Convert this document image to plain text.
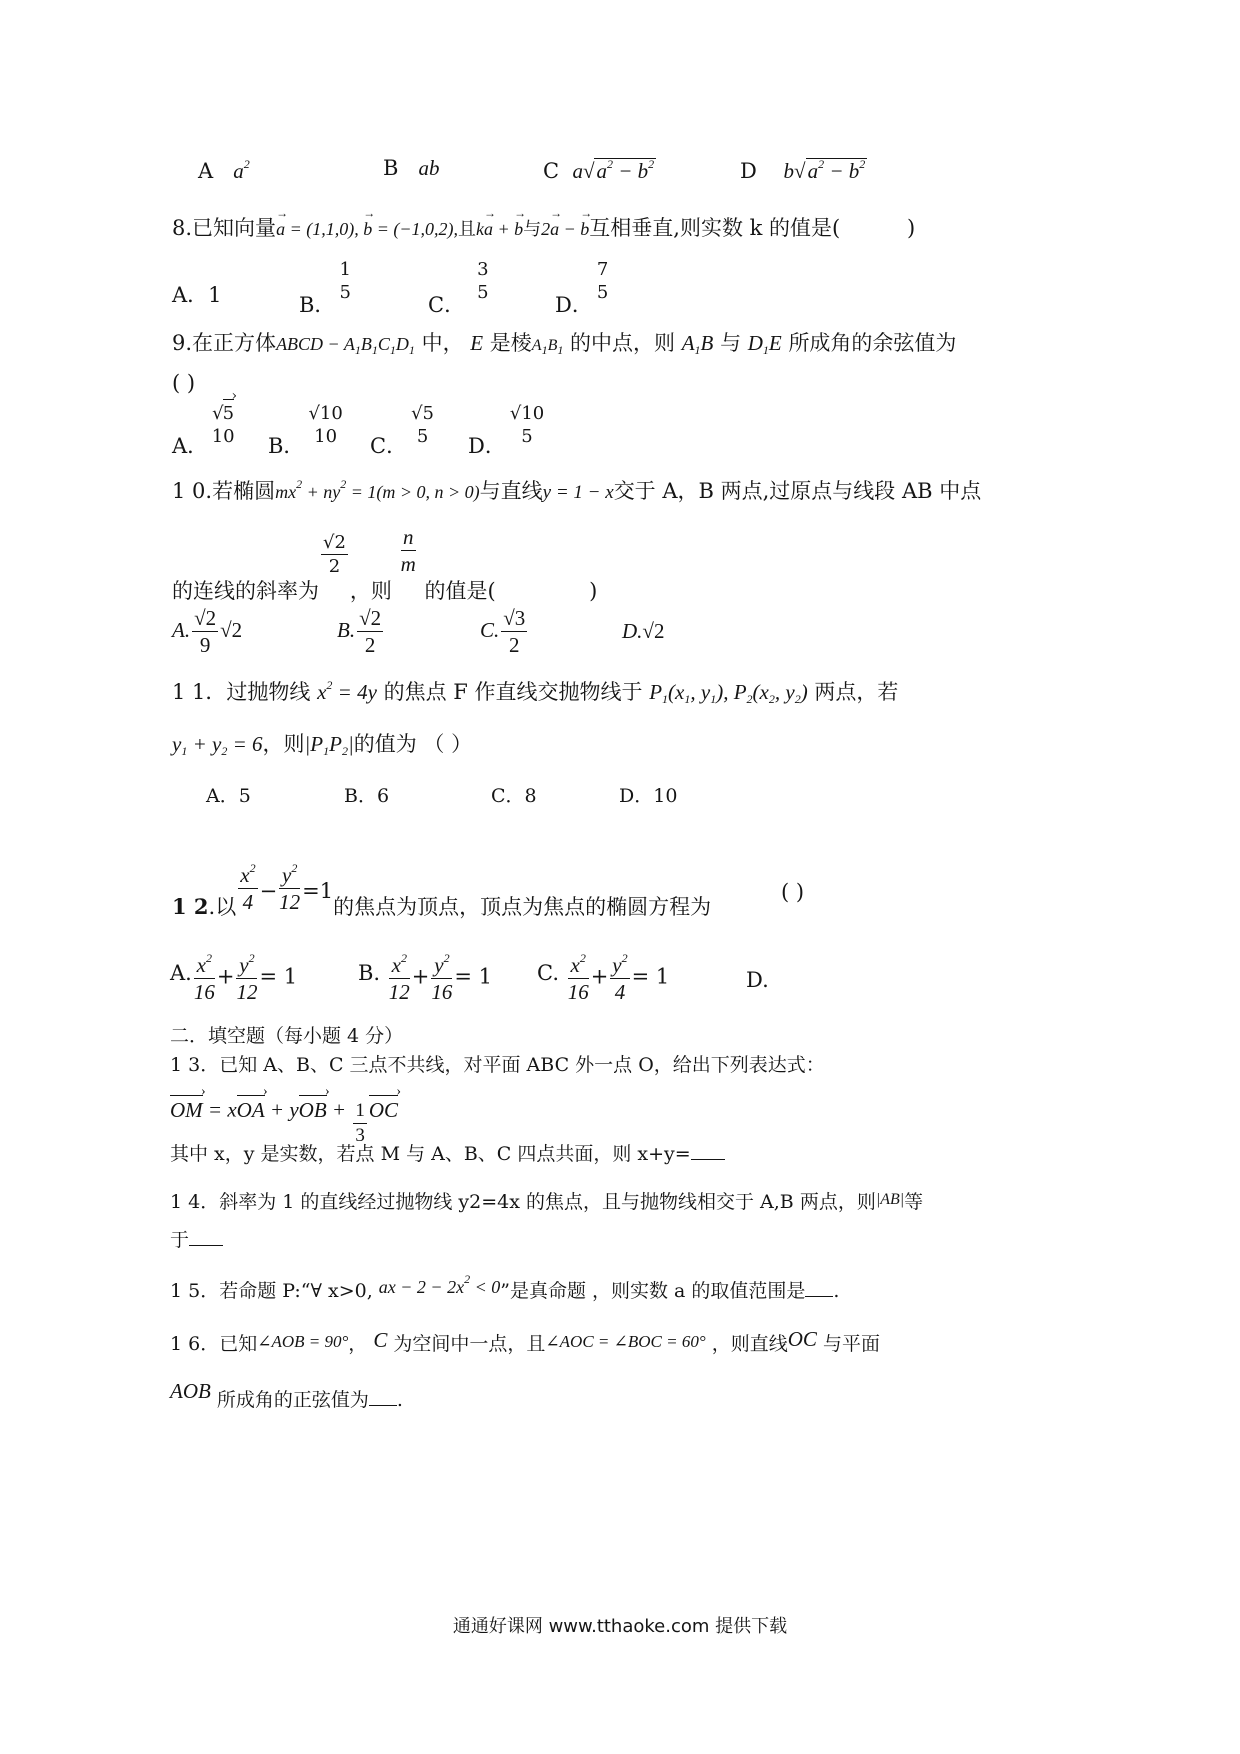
A $a^2$	B ab	C $a√a^2 - b^2$	D $b√a^2 - b^2$
8.已知向量→ a = (1,1,0), → b = (−1,0,2),且k→ a + → b与2→ a − → b互相垂直,则实数 k 的值是(	)
A．1	B．
1
5
C．
3
5
D．
7
5
9.在正方体ABCD − $A_1B_1C_1D_1$ 中， E 是棱$A_1B_1$ 的中点，则 $A_1B$ 与 $D_1E$ 所成角的余弦值为
( )
A．
√5 ›
10 B．
√10
10	C．
√5
5	D．
√10
5
1 0.若椭圆$mx^2 + ny^2 = 1(m > 0$, n > 0)与直线y = 1 − x交于 A，B 两点,过原点与线段 AB 中点
的连线的斜率为
$\frac{√2}{2}$
，则
$\frac{n}{m}$
的值是(	)
A. $\frac{√2}{9} √2$	B. $\frac{√2}{2}$	C. $\frac{√3}{2}$	D.√2
1 1．过抛物线 $x^2 = 4y$ 的焦点 F 作直线交抛物线于 $P_1(x_1$, $y_1$), $P_2(x_2$, $y_2$) 两点，若
$y_1 + y_2 = 6$，则$|P_1P_2|$的值为 （ ）
A．5	B．6	C．8	D．10
1 2.以 $\frac{x^2}{4} - \frac{y^2}{12} =1$的焦点为顶点，顶点为焦点的椭圆方程为
( )
A. $\frac{x^2}{16} + \frac{y^2}{12} = 1$	B. $\frac{x^2}{12} + \frac{y^2}{16} = 1$ C. $\frac{x^2}{16} + \frac{y^2}{4} = 1$	D.
二．填空题（每小题 4 分）
1 3．已知 A、B、C 三点不共线，对平面 ABC 外一点 O，给出下列表达式：
OM › = xOA › + yOB › + $\frac{1}{3}$ OC ›
其中 x，y 是实数，若点 M 与 A、B、C 四点共面，则 x+y=
1 4．斜率为 1 的直线经过抛物线 y2=4x 的焦点，且与抛物线相交于 A,B 两点，则$^{|AB|}$等
于
1 5．若命题 P:“∀ x>0, ax − $2 - 2x^2 < 0$”是真命题 ，则实数 a 的取值范围是 .
1 6．已知∠AOB = 90°， C 为空间中一点，且∠AOC = ∠BOC = 60° ，则直线OC 与平面
AOB 所成角的正弦值为 .
通通好课网 www.tthaoke.com 提供下载
